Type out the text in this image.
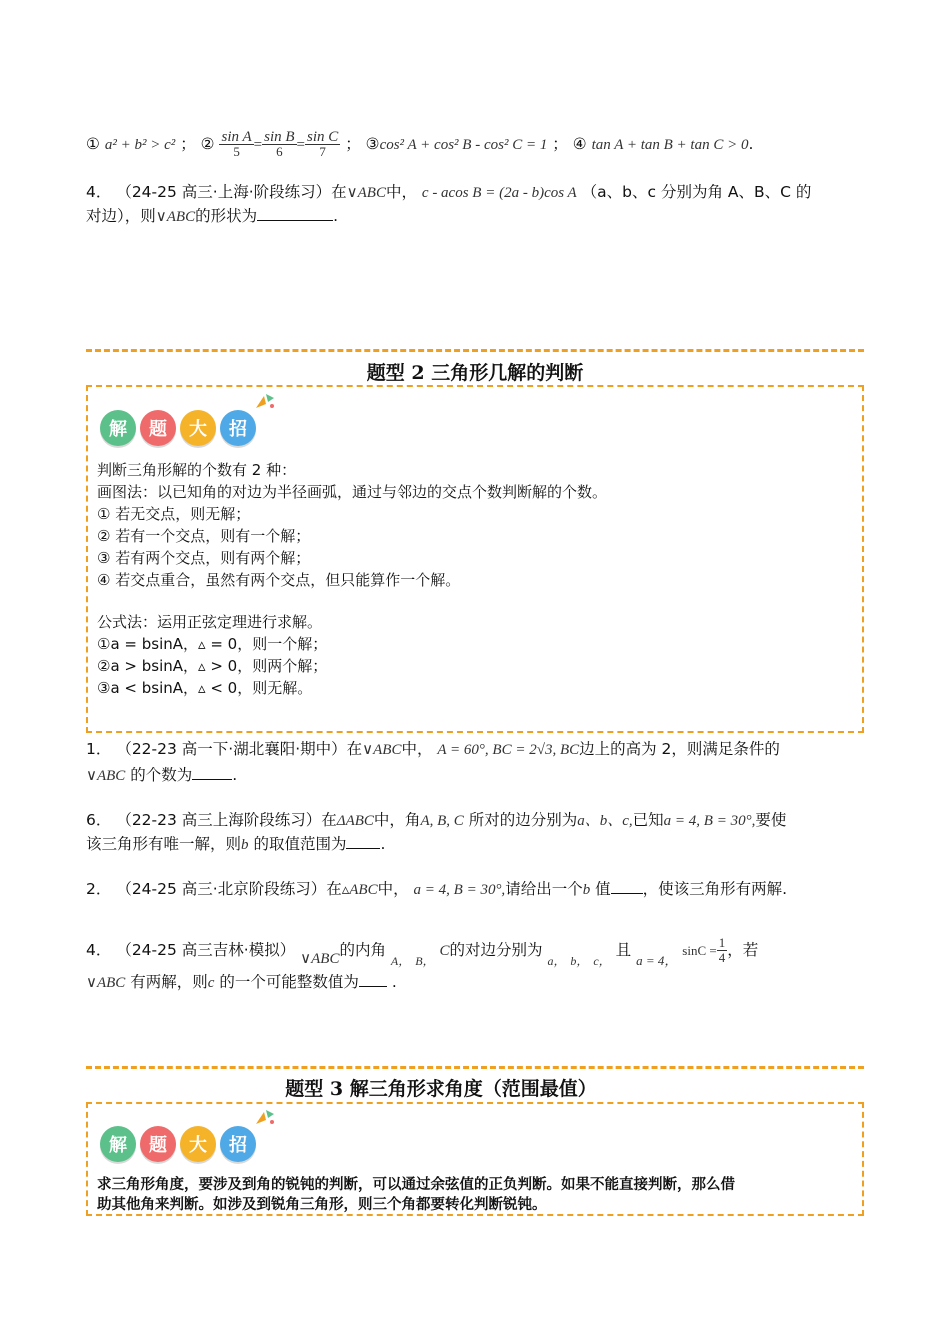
① a² + b² > c² ； ② $\frac{\text{sin A}}{5} = \frac{\text{sin B}}{6} = \frac{\text{sin C}}{7}$ ； ③cos² A + cos² B - cos² C = 1 ； ④ tan A + tan B + tan C > 0.
4． （24-25 高三·上海·阶段练习）在∨ABC中， c - acos B = (2a - b)cos A （a、b、c 分别为角 A、B、C 的
对边），则∨ABC的形状为	.
题型 2 三角形几解的判断
解	题	大	招
判断三角形解的个数有 2 种：
画图法：以已知角的对边为半径画弧，通过与邻边的交点个数判断解的个数。
① 若无交点，则无解；
② 若有一个交点，则有一个解；
③ 若有两个交点，则有两个解；
④ 若交点重合，虽然有两个交点，但只能算作一个解。
公式法：运用正弦定理进行求解。
①a = bsinA，▵ = 0，则一个解；
②a > bsinA，▵ > 0，则两个解；
③a < bsinA，▵ < 0，则无解。
1． （22-23 高一下·湖北襄阳·期中）在∨ABC中， A = 60°, BC = 2√3, BC边上的高为 2，则满足条件的
∨ABC 的个数为	.
6． （22-23 高三上海阶段练习）在ΔABC中，角A, B, C 所对的边分别为a、b、c,已知a = 4, B = 30°,要使
该三角形有唯一解，则b 的取值范围为 .
2． （24-25 高三·北京阶段练习）在▵ABC中， a = 4, B = 30°,请给出一个b 值 ，使该三角形有两解.
4． （24-25 高三吉林·模拟） ∨ABC的内角 $_{A,}$ $_{B,}$ C的对边分别为 $_{a,}$ $_{b,}$ $_{c,}$ 且 $_{a = 4,}$ $\sin C = \frac{1}{4}$ ，若
∨ABC 有两解，则c 的一个可能整数值为 .
题型 3 解三角形求角度（范围最值）
解	题	大	招
求三角形角度，要涉及到角的锐钝的判断，可以通过余弦值的正负判断。如果不能直接判断，那么借
助其他角来判断。如涉及到锐角三角形，则三个角都要转化判断锐钝。
